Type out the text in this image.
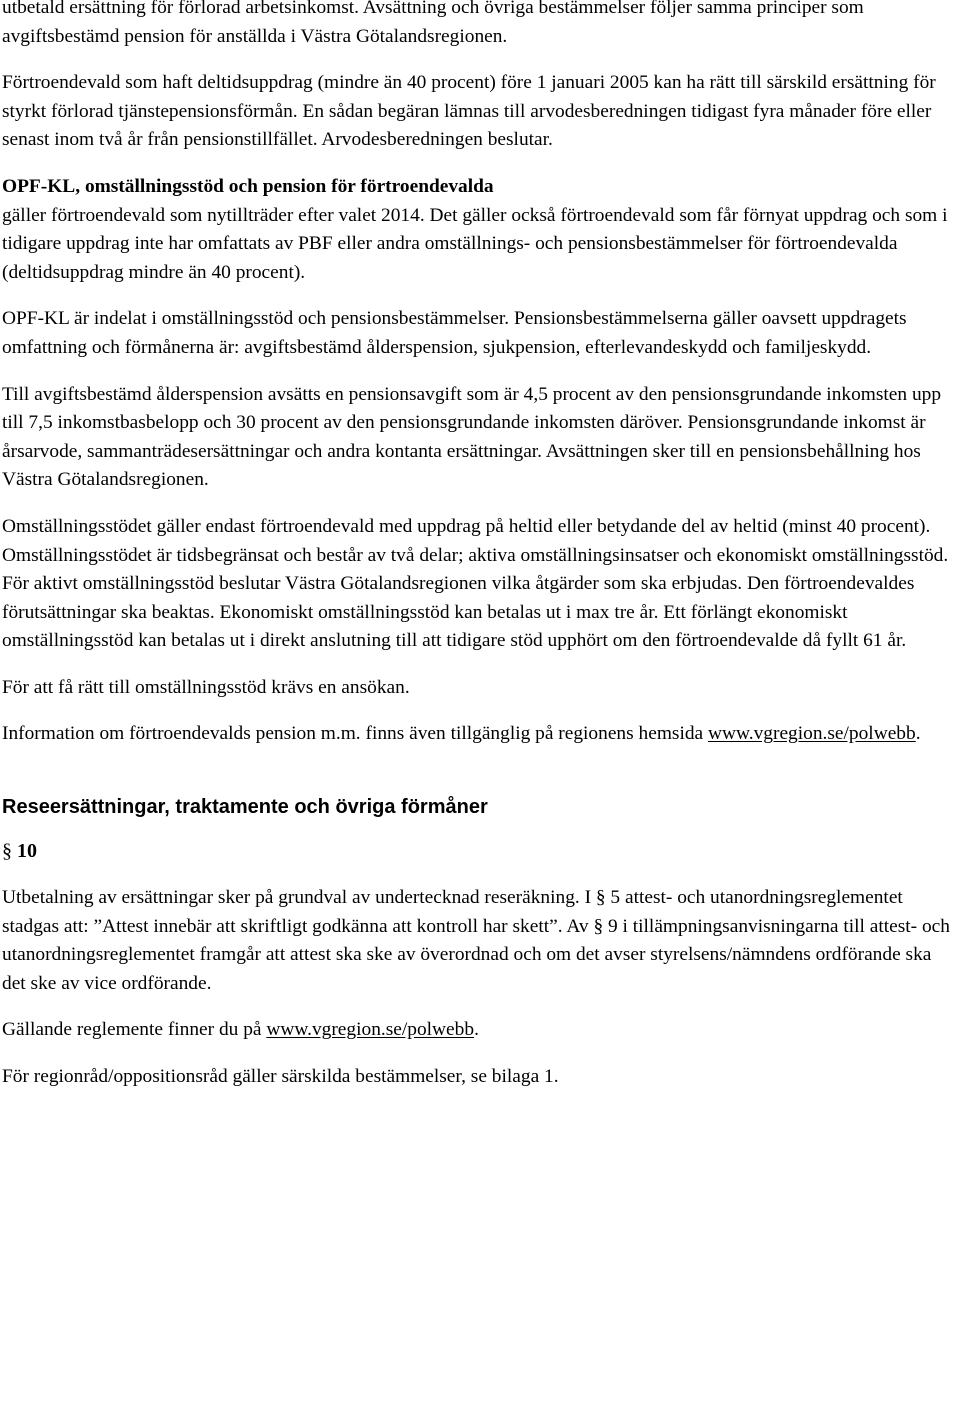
utbetald ersättning för förlorad arbetsinkomst. Avsättning och övriga bestämmelser följer samma principer som avgiftsbestämd pension för anställda i Västra Götalandsregionen.

Förtroendevald som haft deltidsuppdrag (mindre än 40 procent) före 1 januari 2005 kan ha rätt till särskild ersättning för styrkt förlorad tjänstepensionsförmån. En sådan begäran lämnas till arvodesberedningen tidigast fyra månader före eller senast inom två år från pensionstillfället. Arvodesberedningen beslutar.

OPF-KL, omställningsstöd och pension för förtroendevalda

gäller förtroendevald som nytillträder efter valet 2014. Det gäller också förtroendevald som får förnyat uppdrag och som i tidigare uppdrag inte har omfattats av PBF eller andra omställnings- och pensionsbestämmelser för förtroendevalda (deltidsuppdrag mindre än 40 procent).

OPF-KL är indelat i omställningsstöd och pensionsbestämmelser. Pensionsbestämmelserna gäller oavsett uppdragets omfattning och förmånerna är: avgiftsbestämd ålderspension, sjukpension, efterlevandeskydd och familjeskydd.

Till avgiftsbestämd ålderspension avsätts en pensionsavgift som är 4,5 procent av den pensionsgrundande inkomsten upp till 7,5 inkomstbasbelopp och 30 procent av den pensionsgrundande inkomsten däröver. Pensionsgrundande inkomst är årsarvode, sammanträdesersättningar och andra kontanta ersättningar. Avsättningen sker till en pensionsbehållning hos Västra Götalandsregionen.

Omställningsstödet gäller endast förtroendevald med uppdrag på heltid eller betydande del av heltid (minst 40 procent). Omställningsstödet är tidsbegränsat och består av två delar; aktiva omställningsinsatser och ekonomiskt omställningsstöd. För aktivt omställningsstöd beslutar Västra Götalandsregionen vilka åtgärder som ska erbjudas. Den förtroendevaldes förutsättningar ska beaktas. Ekonomiskt omställningsstöd kan betalas ut i max tre år. Ett förlängt ekonomiskt omställningsstöd kan betalas ut i direkt anslutning till att tidigare stöd upphört om den förtroendevalde då fyllt 61 år.

För att få rätt till omställningsstöd krävs en ansökan.

Information om förtroendevalds pension m.m. finns även tillgänglig på regionens hemsida www.vgregion.se/polwebb.

Reseersättningar, traktamente och övriga förmåner

§ 10

Utbetalning av ersättningar sker på grundval av undertecknad reseräkning. I § 5 attest- och utanordningsreglementet stadgas att: ”Attest innebär att skriftligt godkänna att kontroll har skett”. Av § 9 i tillämpningsanvisningarna till attest- och utanordningsreglementet framgår att attest ska ske av överordnad och om det avser styrelsens/nämndens ordförande ska det ske av vice ordförande.

Gällande reglemente finner du på www.vgregion.se/polwebb.

För regionråd/oppositionsråd gäller särskilda bestämmelser, se bilaga 1.
